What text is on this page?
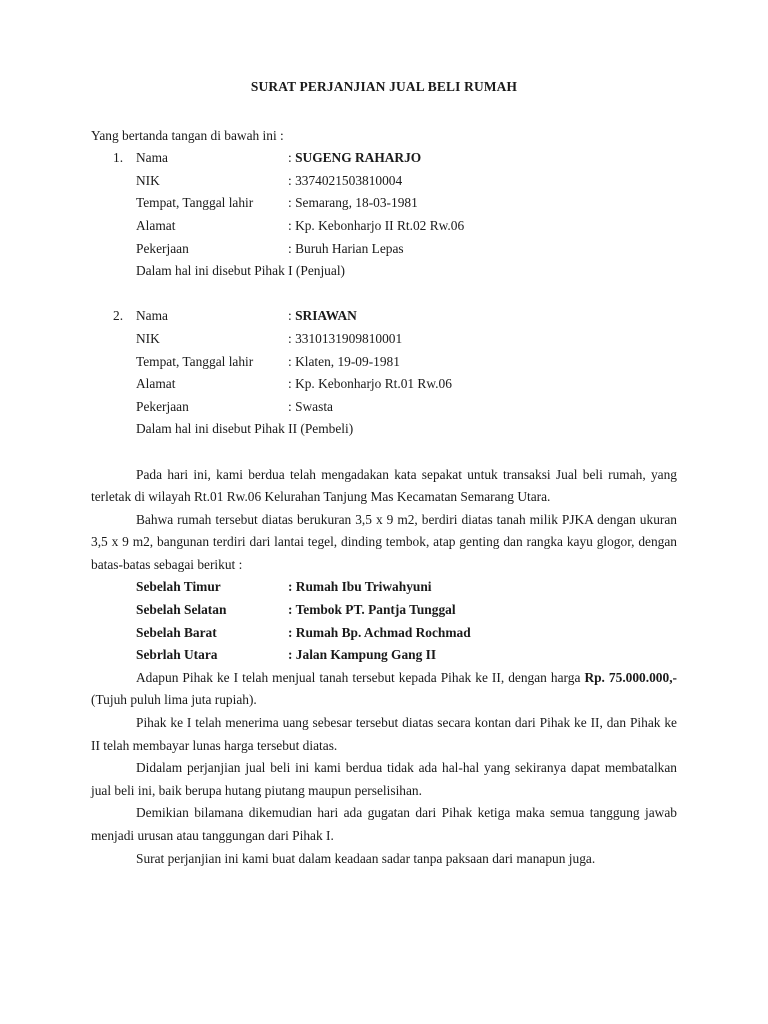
SURAT PERJANJIAN JUAL BELI RUMAH

Yang bertanda tangan di bawah ini :

1. Nama	: SUGENG RAHARJO
NIK	: 3374021503810004
Tempat, Tanggal lahir	: Semarang, 18-03-1981
Alamat	: Kp. Kebonharjo II Rt.02 Rw.06
Pekerjaan	: Buruh Harian Lepas
Dalam hal ini disebut Pihak I (Penjual)
2. Nama	: SRIAWAN
NIK	: 3310131909810001
Tempat, Tanggal lahir	: Klaten, 19-09-1981
Alamat	: Kp. Kebonharjo Rt.01 Rw.06
Pekerjaan	: Swasta
Dalam hal ini disebut Pihak II (Pembeli)

Pada hari ini, kami berdua telah mengadakan kata sepakat untuk transaksi Jual beli rumah, yang terletak di wilayah Rt.01 Rw.06 Kelurahan Tanjung Mas Kecamatan Semarang Utara.

Bahwa rumah tersebut diatas berukuran 3,5 x 9 m2, berdiri diatas tanah milik PJKA dengan ukuran 3,5 x 9 m2, bangunan terdiri dari lantai tegel, dinding tembok, atap genting dan rangka kayu glogor, dengan batas-batas sebagai berikut :

Sebelah Timur	: Rumah Ibu Triwahyuni
Sebelah Selatan	: Tembok PT. Pantja Tunggal
Sebelah Barat	: Rumah Bp. Achmad Rochmad
Sebrlah Utara	: Jalan Kampung Gang II

Adapun Pihak ke I telah menjual tanah tersebut kepada Pihak ke II, dengan harga Rp. 75.000.000,- (Tujuh puluh lima juta rupiah).

Pihak ke I telah menerima uang sebesar tersebut diatas secara kontan dari Pihak ke II, dan Pihak ke II telah membayar lunas harga tersebut diatas.

Didalam perjanjian jual beli ini kami berdua tidak ada hal-hal yang sekiranya dapat membatalkan jual beli ini, baik berupa hutang piutang maupun perselisihan.

Demikian bilamana dikemudian hari ada gugatan dari Pihak ketiga maka semua tanggung jawab menjadi urusan atau tanggungan dari Pihak I.

Surat perjanjian ini kami buat dalam keadaan sadar tanpa paksaan dari manapun juga.
